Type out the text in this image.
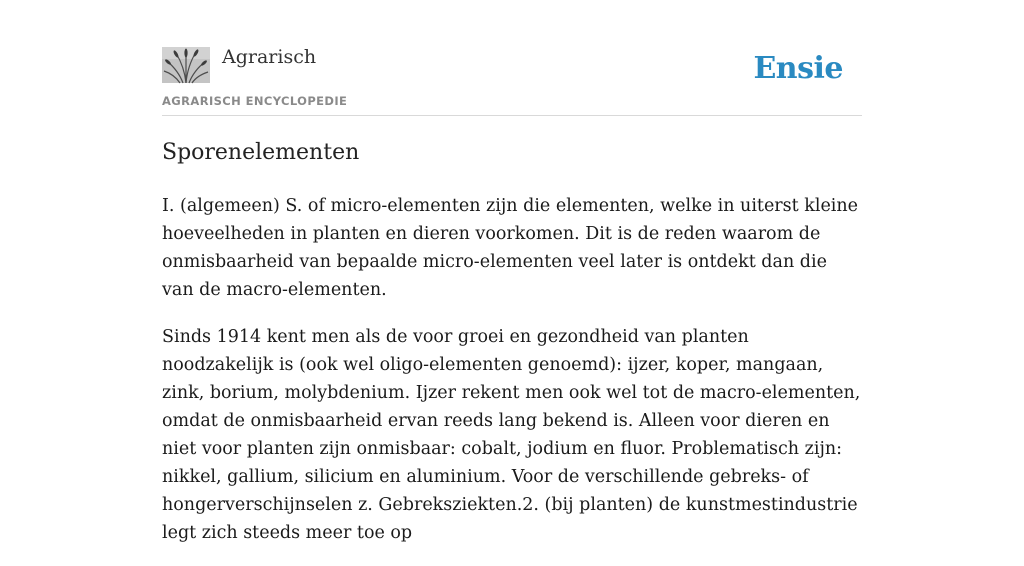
Agrarisch
AGRARISCH ENCYCLOPEDIE
Ensie
Sporenelementen

I. (algemeen) S. of micro-elementen zijn die elementen, welke in uiterst kleine hoeveelheden in planten en dieren voorkomen. Dit is de reden waarom de onmisbaarheid van bepaalde micro-elementen veel later is ontdekt dan die van de macro-elementen.

Sinds 1914 kent men als de voor groei en gezondheid van planten noodzakelijk is (ook wel oligo-elementen genoemd): ijzer, koper, mangaan, zink, borium, molybdenium. Ijzer rekent men ook wel tot de macro-elementen, omdat de onmisbaarheid ervan reeds lang bekend is. Alleen voor dieren en niet voor planten zijn onmisbaar: cobalt, jodium en fluor. Problematisch zijn: nikkel, gallium, silicium en aluminium. Voor de verschillende gebreks- of hongerverschijnselen z. Gebreksziekten.2. (bij planten) de kunstmestindustrie legt zich steeds meer toe op
